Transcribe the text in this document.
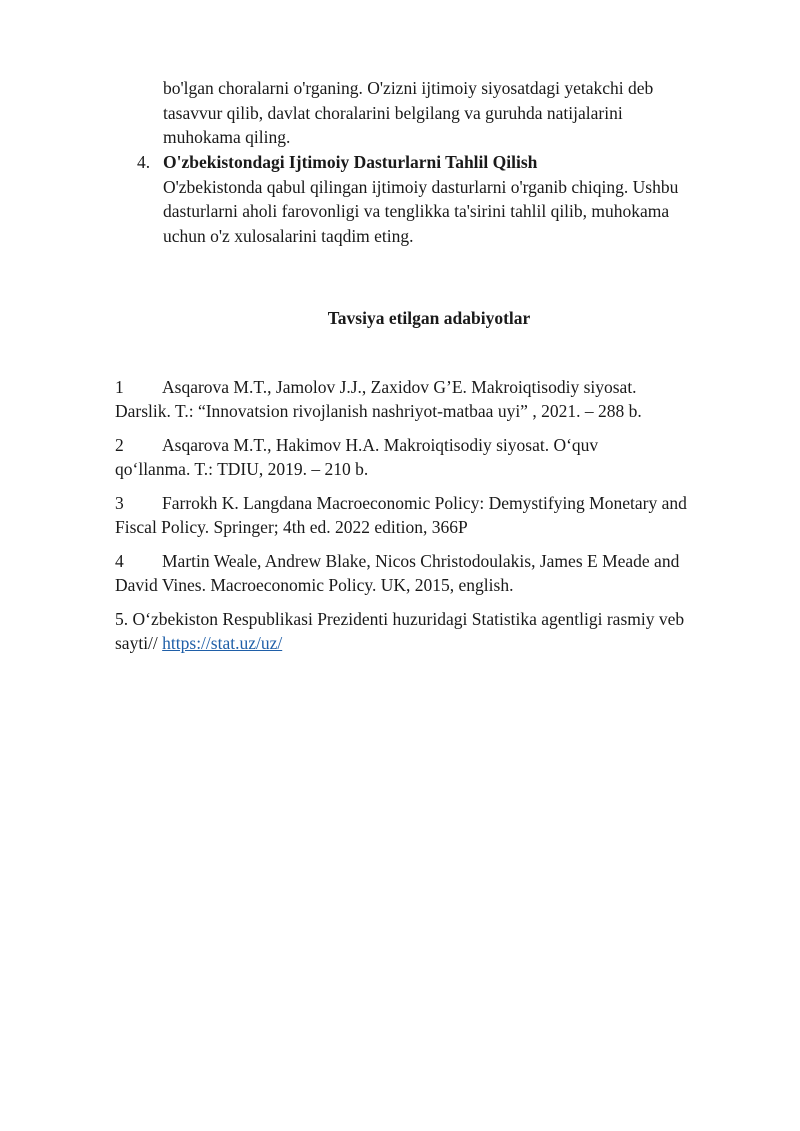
bo'lgan choralarni o'rganing. O'zizni ijtimoiy siyosatdagi yetakchi deb
tasavvur qilib, davlat choralarini belgilang va guruhda natijalarini
muhokama qiling.
4. O'zbekistondagi Ijtimoiy Dasturlarni Tahlil Qilish
O'zbekistonda qabul qilingan ijtimoiy dasturlarni o'rganib chiqing. Ushbu
dasturlarni aholi farovonligi va tenglikka ta'sirini tahlil qilib, muhokama
uchun o'z xulosalarini taqdim eting.
Tavsiya etilgan adabiyotlar
1 Asqarova M.T., Jamolov J.J., Zaxidov G’E. Makroiqtisodiy siyosat.
Darslik. T.: “Innovatsion rivojlanish nashriyot-matbaa uyi” , 2021. – 288 b.
2 Asqarova M.T., Hakimov H.A. Makroiqtisodiy siyosat. O‘quv
qo‘llanma. T.: TDIU, 2019. – 210 b.
3 Farrokh K. Langdana Macroeconomic Policy: Demystifying Monetary and
Fiscal Policy. Springer; 4th ed. 2022 edition, 366P
4 Martin Weale, Andrew Blake, Nicos Christodoulakis, James E Meade and
David Vines. Macroeconomic Policy. UK, 2015, english.
5. O‘zbekiston Respublikasi Prezidenti huzuridagi Statistika agentligi rasmiy veb
sayti// https://stat.uz/uz/
